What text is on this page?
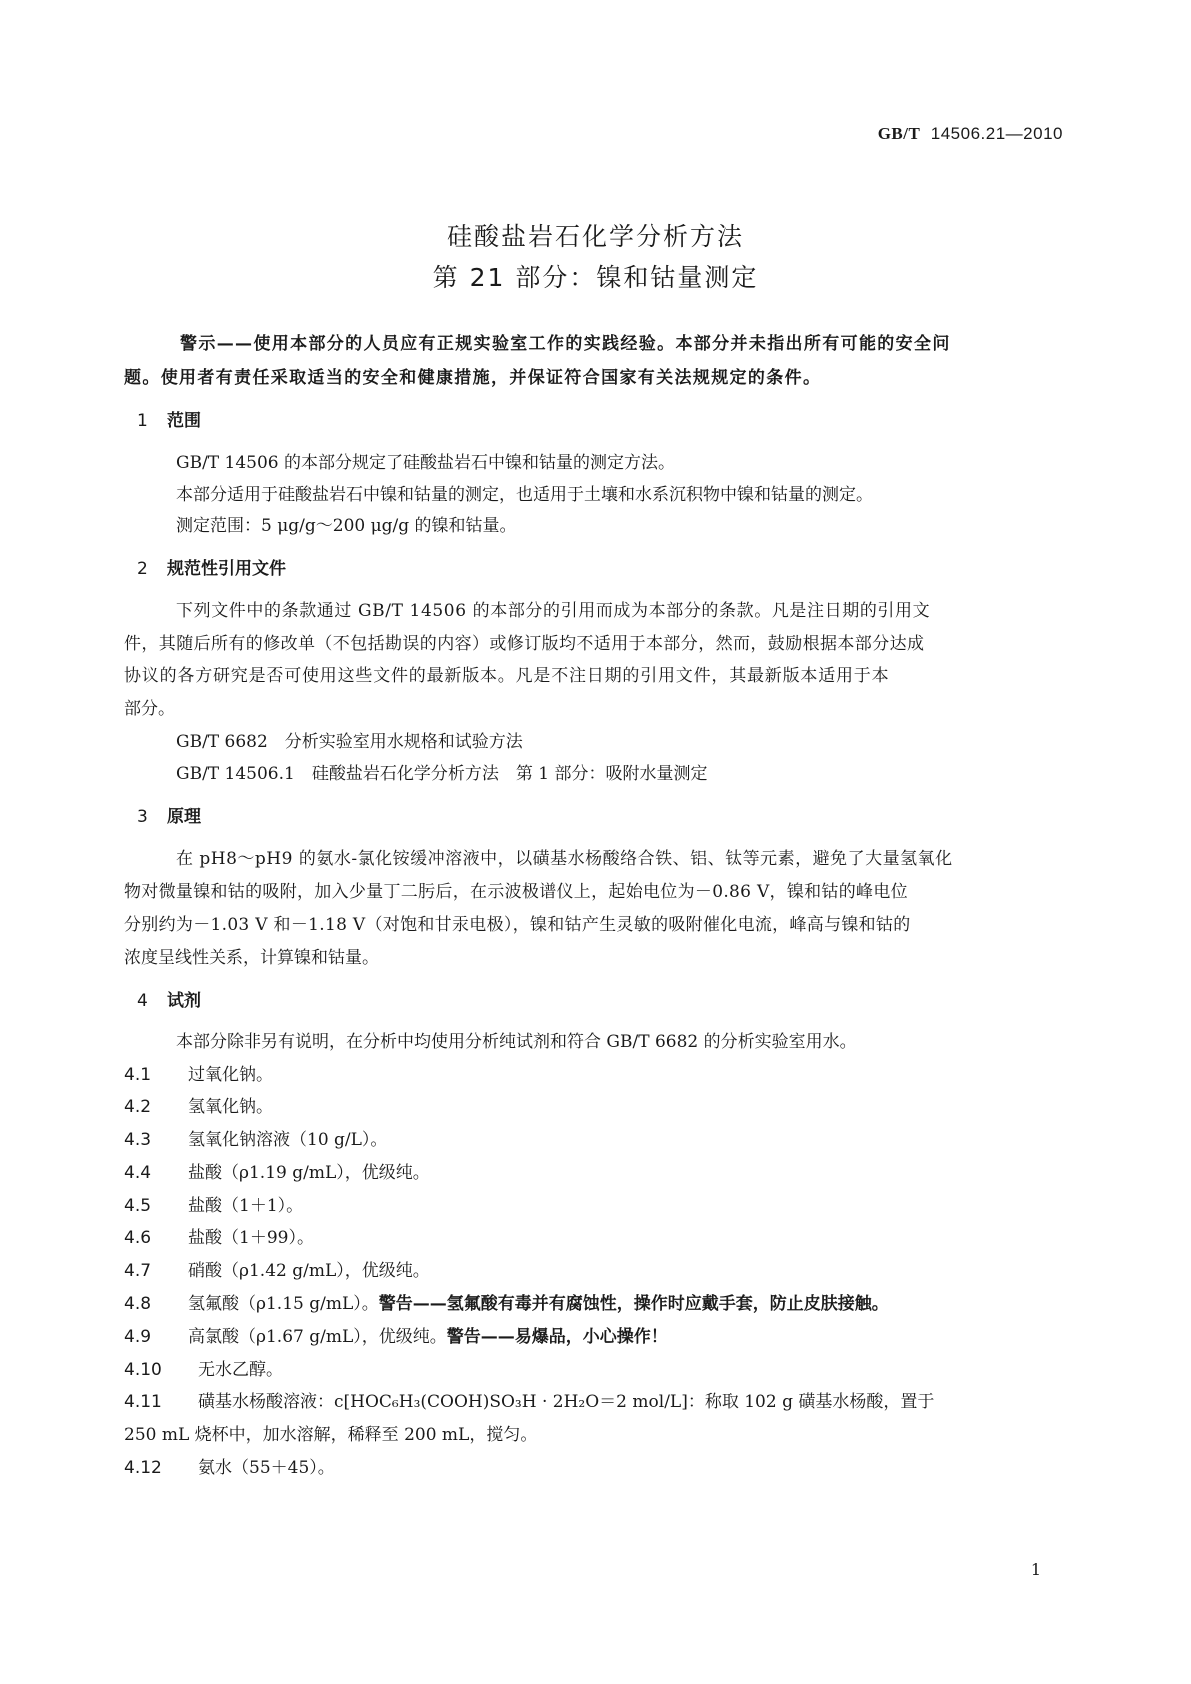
GB/T 14506.21—2010
硅酸盐岩石化学分析方法
第 21 部分：镍和钴量测定
警示——使用本部分的人员应有正规实验室工作的实践经验。本部分并未指出所有可能的安全问
题。使用者有责任采取适当的安全和健康措施，并保证符合国家有关法规规定的条件。
1 范围
GB/T 14506 的本部分规定了硅酸盐岩石中镍和钴量的测定方法。
本部分适用于硅酸盐岩石中镍和钴量的测定，也适用于土壤和水系沉积物中镍和钴量的测定。
测定范围：5 μg/g～200 μg/g 的镍和钴量。
2 规范性引用文件
下列文件中的条款通过 GB/T 14506 的本部分的引用而成为本部分的条款。凡是注日期的引用文
件，其随后所有的修改单（不包括勘误的内容）或修订版均不适用于本部分，然而，鼓励根据本部分达成
协议的各方研究是否可使用这些文件的最新版本。凡是不注日期的引用文件，其最新版本适用于本
部分。
GB/T 6682　分析实验室用水规格和试验方法
GB/T 14506.1　硅酸盐岩石化学分析方法　第 1 部分：吸附水量测定
3 原理
在 pH8～pH9 的氨水-氯化铵缓冲溶液中，以磺基水杨酸络合铁、铝、钛等元素，避免了大量氢氧化
物对微量镍和钴的吸附，加入少量丁二肟后，在示波极谱仪上，起始电位为－0.86 V，镍和钴的峰电位
分别约为－1.03 V 和－1.18 V（对饱和甘汞电极），镍和钴产生灵敏的吸附催化电流，峰高与镍和钴的
浓度呈线性关系，计算镍和钴量。
4 试剂
本部分除非另有说明，在分析中均使用分析纯试剂和符合 GB/T 6682 的分析实验室用水。
4.1 过氧化钠。
4.2 氢氧化钠。
4.3 氢氧化钠溶液（10 g/L）。
4.4 盐酸（ρ1.19 g/mL），优级纯。
4.5 盐酸（1＋1）。
4.6 盐酸（1＋99）。
4.7 硝酸（ρ1.42 g/mL），优级纯。
4.8 氢氟酸（ρ1.15 g/mL）。警告——氢氟酸有毒并有腐蚀性，操作时应戴手套，防止皮肤接触。
4.9 高氯酸（ρ1.67 g/mL），优级纯。警告——易爆品，小心操作！
4.10 无水乙醇。
4.11 磺基水杨酸溶液：c[HOC₆H₃(COOH)SO₃H · 2H₂O＝2 mol/L]：称取 102 g 磺基水杨酸，置于
250 mL 烧杯中，加水溶解，稀释至 200 mL，搅匀。
4.12 氨水（55＋45）。
1
